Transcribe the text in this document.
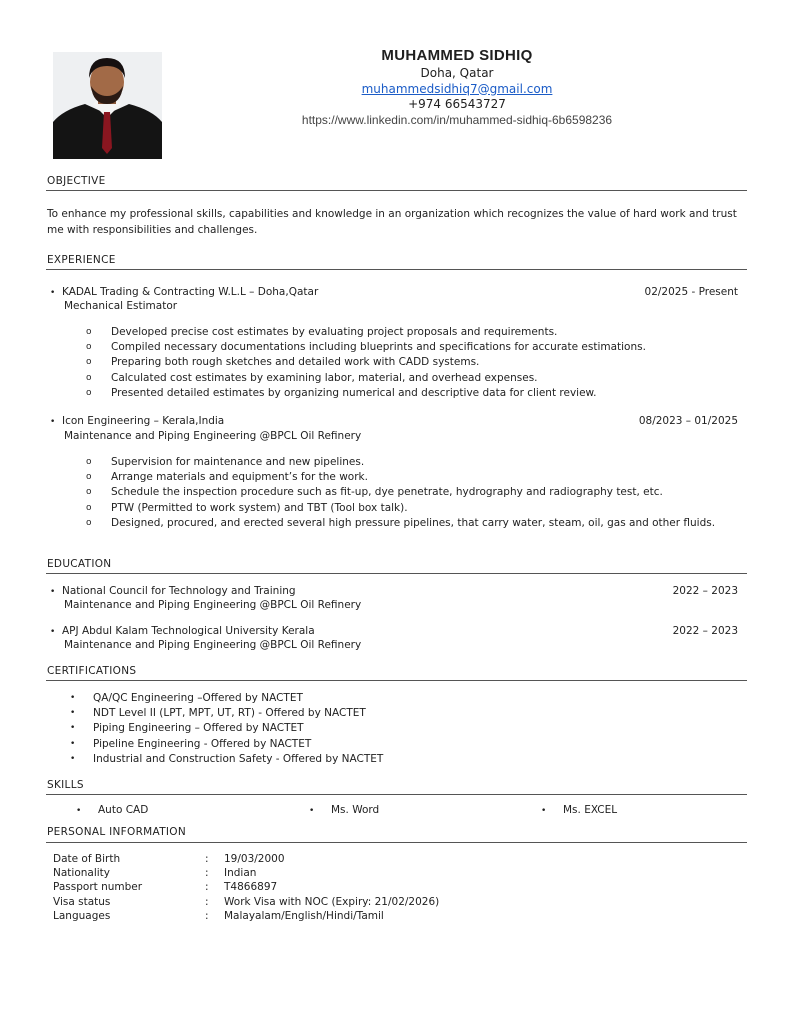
MUHAMMED SIDHIQ
Doha, Qatar
muhammedsidhiq7@gmail.com
+974 66543727
https://www.linkedin.com/in/muhammed-sidhiq-6b6598236
OBJECTIVE
To enhance my professional skills, capabilities and knowledge in an organization which recognizes the value of hard work and trust me with responsibilities and challenges.
EXPERIENCE
• KADAL Trading & Contracting W.L.L – Doha,Qatar	02/2025 - Present
Mechanical Estimator
o Developed precise cost estimates by evaluating project proposals and requirements.
o Compiled necessary documentations including blueprints and specifications for accurate estimations.
o Preparing both rough sketches and detailed work with CADD systems.
o Calculated cost estimates by examining labor, material, and overhead expenses.
o Presented detailed estimates by organizing numerical and descriptive data for client review.
• Icon Engineering – Kerala,India	08/2023 – 01/2025
Maintenance and Piping Engineering @BPCL Oil Refinery
o Supervision for maintenance and new pipelines.
o Arrange materials and equipment’s for the work.
o Schedule the inspection procedure such as fit-up, dye penetrate, hydrography and radiography test, etc.
o PTW (Permitted to work system) and TBT (Tool box talk).
o Designed, procured, and erected several high pressure pipelines, that carry water, steam, oil, gas and other fluids.
EDUCATION
• National Council for Technology and Training	2022 – 2023
Maintenance and Piping Engineering @BPCL Oil Refinery
• APJ Abdul Kalam Technological University Kerala	2022 – 2023
Maintenance and Piping Engineering @BPCL Oil Refinery
CERTIFICATIONS
• QA/QC Engineering –Offered by NACTET
• NDT Level II (LPT, MPT, UT, RT) - Offered by NACTET
• Piping Engineering – Offered by NACTET
• Pipeline Engineering - Offered by NACTET
• Industrial and Construction Safety - Offered by NACTET
SKILLS
• Auto CAD	• Ms. Word	• Ms. EXCEL
PERSONAL INFORMATION
Date of Birth	: 19/03/2000
Nationality	: Indian
Passport number	: T4866897
Visa status	: Work Visa with NOC (Expiry: 21/02/2026)
Languages	: Malayalam/English/Hindi/Tamil
